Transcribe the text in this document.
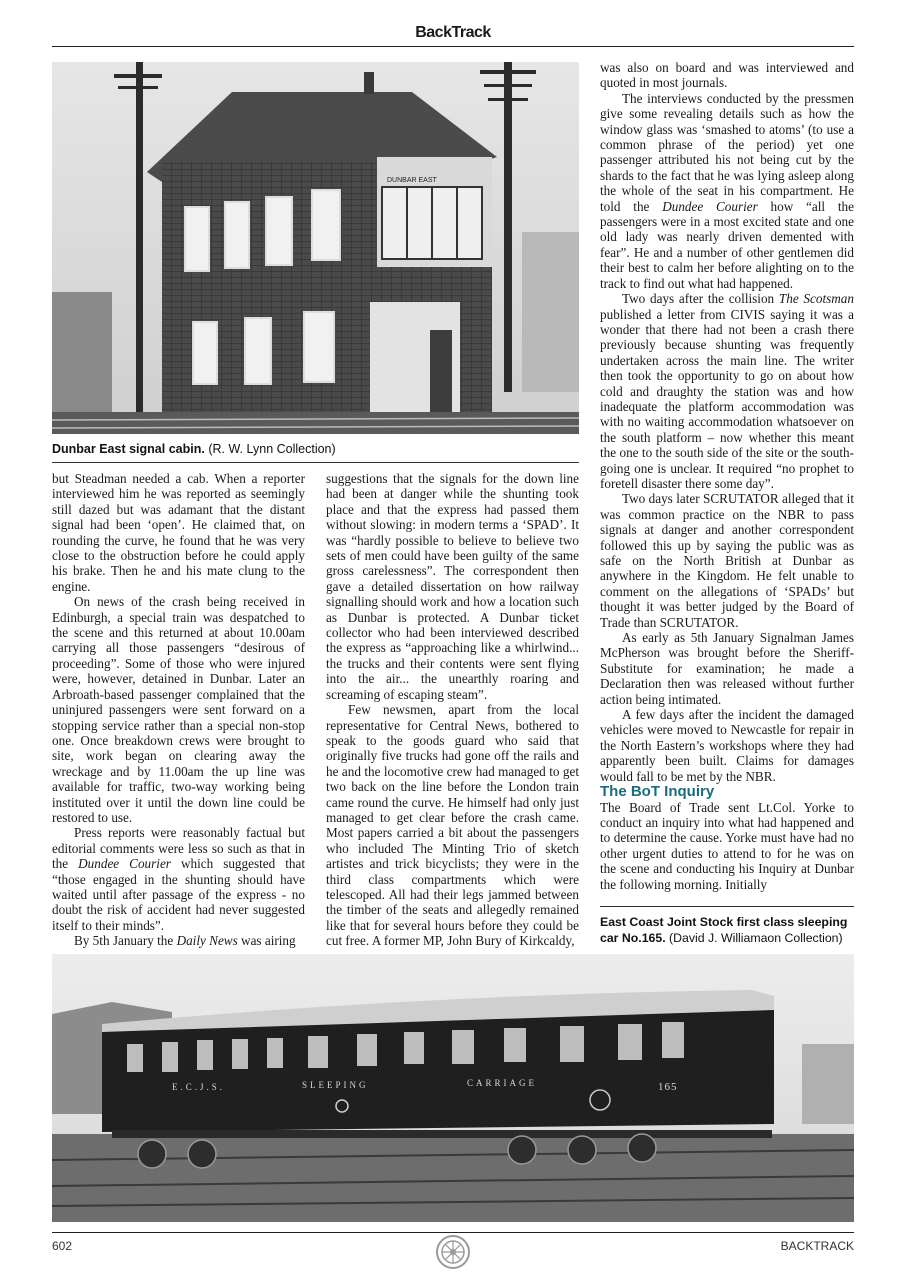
BackTrack
DUNBAR EAST
Dunbar East signal cabin. (R. W. Lynn Collection)

but Steadman needed a cab. When a reporter interviewed him he was reported as seemingly still dazed but was adamant that the distant signal had been ‘open’. He claimed that, on rounding the curve, he found that he was very close to the obstruction before he could apply his brake. Then he and his mate clung to the engine.

On news of the crash being received in Edinburgh, a special train was despatched to the scene and this returned at about 10.00am carrying all those passengers “desirous of proceeding”. Some of those who were injured were, however, detained in Dunbar. Later an Arbroath-based passenger complained that the uninjured passengers were sent forward on a stopping service rather than a special non-stop one. Once breakdown crews were brought to site, work began on clearing away the wreckage and by 11.00am the up line was available for traffic, two-way working being instituted over it until the down line could be restored to use.

Press reports were reasonably factual but editorial comments were less so such as that in the Dundee Courier which suggested that “those engaged in the shunting should have waited until after passage of the express - no doubt the risk of accident had never suggested itself to their minds”.

By 5th January the Daily News was airing

suggestions that the signals for the down line had been at danger while the shunting took place and that the express had passed them without slowing: in modern terms a ‘SPAD’. It was “hardly possible to believe to believe two sets of men could have been guilty of the same gross carelessness”. The correspondent then gave a detailed dissertation on how railway signalling should work and how a location such as Dunbar is protected. A Dunbar ticket collector who had been interviewed described the express as “approaching like a whirlwind... the trucks and their contents were sent flying into the air... the unearthly roaring and screaming of escaping steam”.

Few newsmen, apart from the local representative for Central News, bothered to speak to the goods guard who said that originally five trucks had gone off the rails and he and the locomotive crew had managed to get two back on the line before the London train came round the curve. He himself had only just managed to get clear before the crash came. Most papers carried a bit about the passengers who included The Minting Trio of sketch artistes and trick bicyclists; they were in the third class compartments which were telescoped. All had their legs jammed between the timber of the seats and allegedly remained like that for several hours before they could be cut free. A former MP, John Bury of Kirkcaldy,

was also on board and was interviewed and quoted in most journals.

The interviews conducted by the pressmen give some revealing details such as how the window glass was ‘smashed to atoms’ (to use a common phrase of the period) yet one passenger attributed his not being cut by the shards to the fact that he was lying asleep along the whole of the seat in his compartment. He told the Dundee Courier how “all the passengers were in a most excited state and one old lady was nearly driven demented with fear”. He and a number of other gentlemen did their best to calm her before alighting on to the track to find out what had happened.

Two days after the collision The Scotsman published a letter from CIVIS saying it was a wonder that there had not been a crash there previously because shunting was frequently undertaken across the main line. The writer then took the opportunity to go on about how cold and draughty the station was and how inadequate the platform accommodation was with no waiting accommodation whatsoever on the south platform – now whether this meant the one to the south side of the site or the south-going one is unclear. It required “no prophet to foretell disaster there some day”.

Two days later SCRUTATOR alleged that it was common practice on the NBR to pass signals at danger and another correspondent followed this up by saying the public was as safe on the North British at Dunbar as anywhere in the Kingdom. He felt unable to comment on the allegations of ‘SPADs’ but thought it was better judged by the Board of Trade than SCRUTATOR.

As early as 5th January Signalman James McPherson was brought before the Sheriff-Substitute for examination; he made a Declaration then was released without further action being intimated.

A few days after the incident the damaged vehicles were moved to Newcastle for repair in the North Eastern’s workshops where they had apparently been built. Claims for damages would fall to be met by the NBR.

The BoT Inquiry

The Board of Trade sent Lt.Col. Yorke to conduct an inquiry into what had happened and to determine the cause. Yorke must have had no other urgent duties to attend to for he was on the scene and conducting his Inquiry at Dunbar the following morning. Initially

East Coast Joint Stock first class sleeping car No.165. (David J. Williamaon Collection)
E.C.J.S.	SLEEPING	CARRIAGE	165
602	BACKTRACK
